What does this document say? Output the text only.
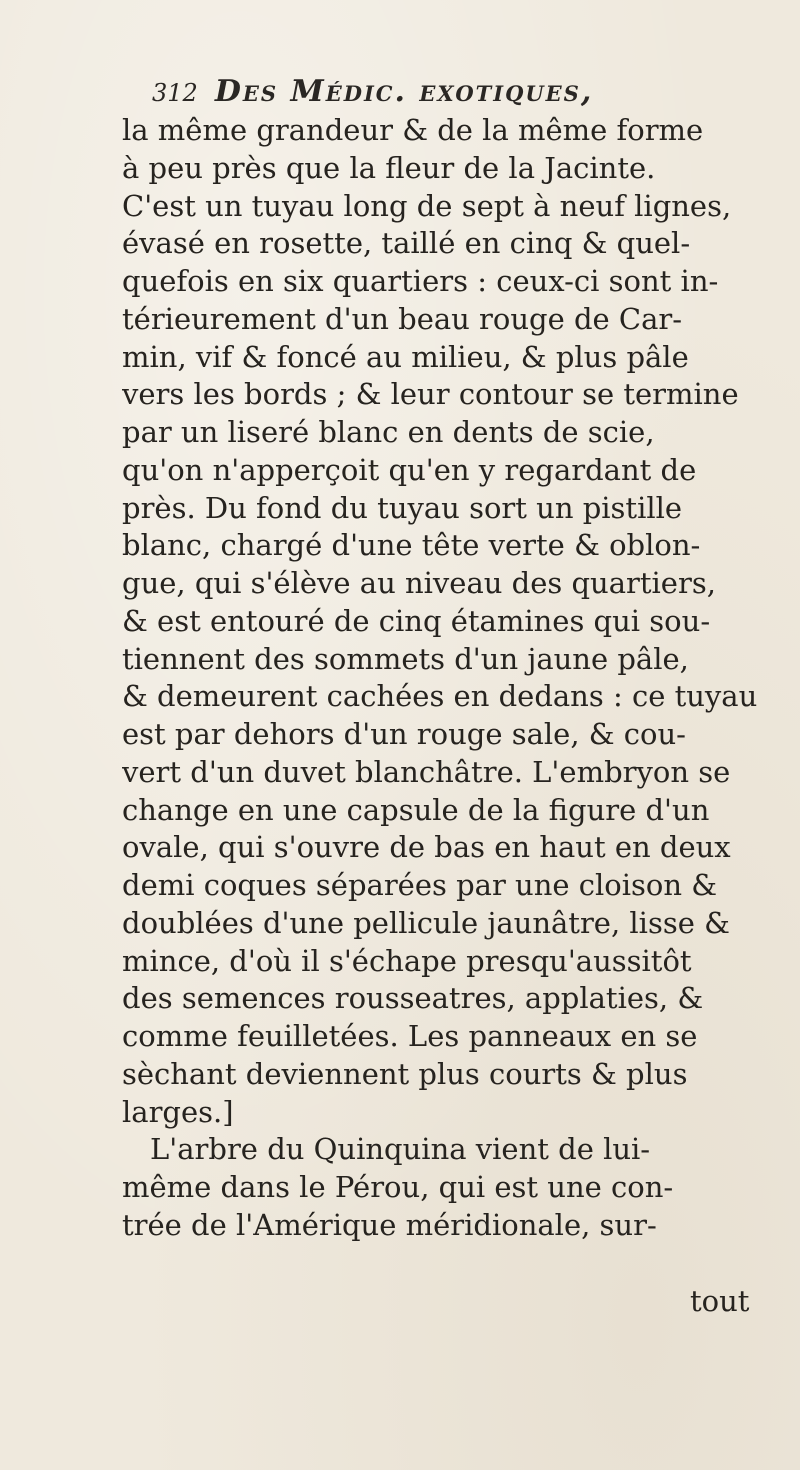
312 Des Médic. exotiques,
la même grandeur & de la même forme
à peu près que la fleur de la Jacinte.
C'est un tuyau long de sept à neuf lignes,
évasé en rosette, taillé en cinq & quel-
quefois en six quartiers : ceux-ci sont in-
térieurement d'un beau rouge de Car-
min, vif & foncé au milieu, & plus pâle
vers les bords ; & leur contour se termine
par un liseré blanc en dents de scie,
qu'on n'apperçoit qu'en y regardant de
près. Du fond du tuyau sort un pistille
blanc, chargé d'une tête verte & oblon-
gue, qui s'élève au niveau des quartiers,
& est entouré de cinq étamines qui sou-
tiennent des sommets d'un jaune pâle,
& demeurent cachées en dedans : ce tuyau
est par dehors d'un rouge sale, & cou-
vert d'un duvet blanchâtre. L'embryon se
change en une capsule de la figure d'un
ovale, qui s'ouvre de bas en haut en deux
demi coques séparées par une cloison &
doublées d'une pellicule jaunâtre, lisse &
mince, d'où il s'échape presqu'aussitôt
des semences rousseatres, applaties, &
comme feuilletées. Les panneaux en se
sèchant deviennent plus courts & plus
larges.]
L'arbre du Quinquina vient de lui-
même dans le Pérou, qui est une con-
trée de l'Amérique méridionale, sur-
tout
